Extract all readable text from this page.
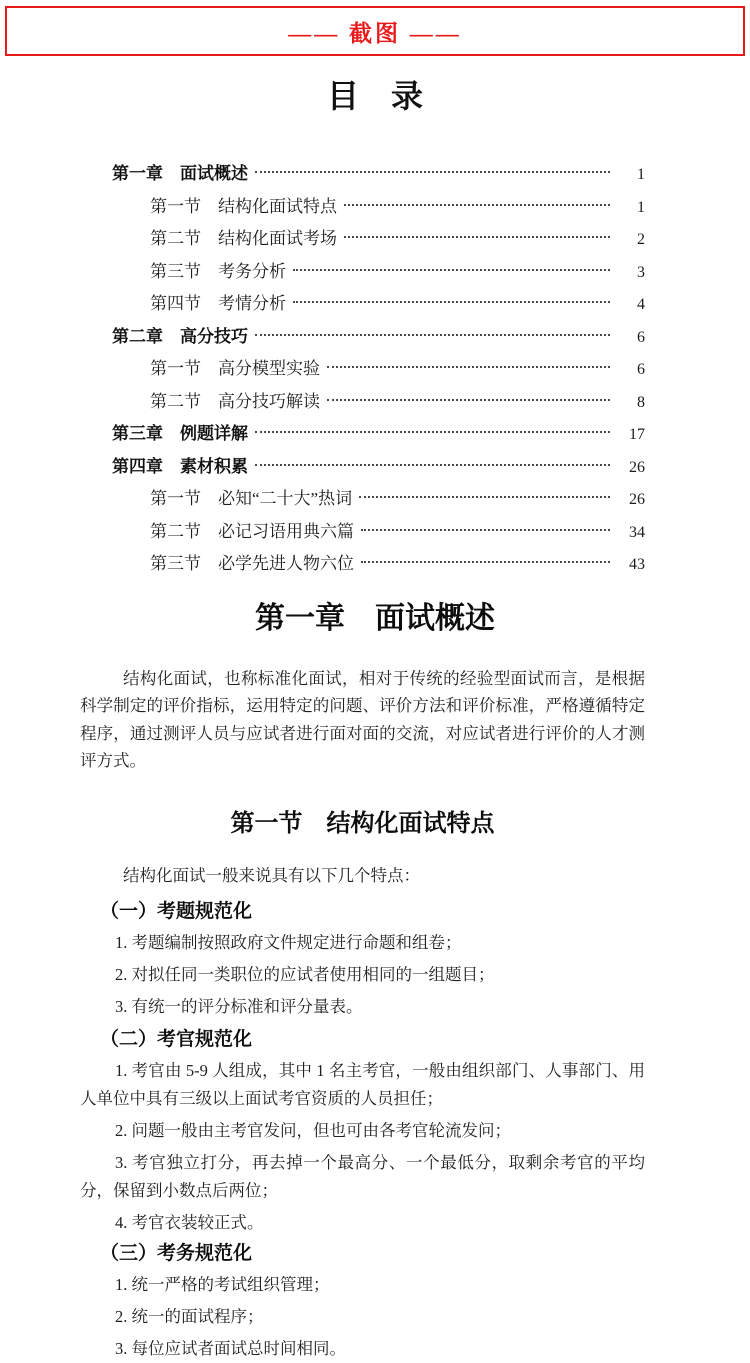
—— 截图 ——
目　录
第一章　面试概述	1
第一节　结构化面试特点	1
第二节　结构化面试考场	2
第三节　考务分析	3
第四节　考情分析	4
第二章　高分技巧	6
第一节　高分模型实验	6
第二节　高分技巧解读	8
第三章　例题详解	17
第四章　素材积累	26
第一节　必知“二十大”热词	26
第二节　必记习语用典六篇	34
第三节　必学先进人物六位	43
第一章　面试概述

结构化面试，也称标准化面试，相对于传统的经验型面试而言，是根据科学制定的评价指标，运用特定的问题、评价方法和评价标准，严格遵循特定程序，通过测评人员与应试者进行面对面的交流，对应试者进行评价的人才测评方式。

第一节　结构化面试特点

结构化面试一般来说具有以下几个特点：

（一）考题规范化

1. 考题编制按照政府文件规定进行命题和组卷；

2. 对拟任同一类职位的应试者使用相同的一组题目；

3. 有统一的评分标准和评分量表。

（二）考官规范化

1. 考官由 5-9 人组成，其中 1 名主考官，一般由组织部门、人事部门、用人单位中具有三级以上面试考官资质的人员担任；

2. 问题一般由主考官发问，但也可由各考官轮流发问；

3. 考官独立打分，再去掉一个最高分、一个最低分，取剩余考官的平均分，保留到小数点后两位；

4. 考官衣装较正式。

（三）考务规范化

1. 统一严格的考试组织管理；

2. 统一的面试程序；

3. 每位应试者面试总时间相同。
